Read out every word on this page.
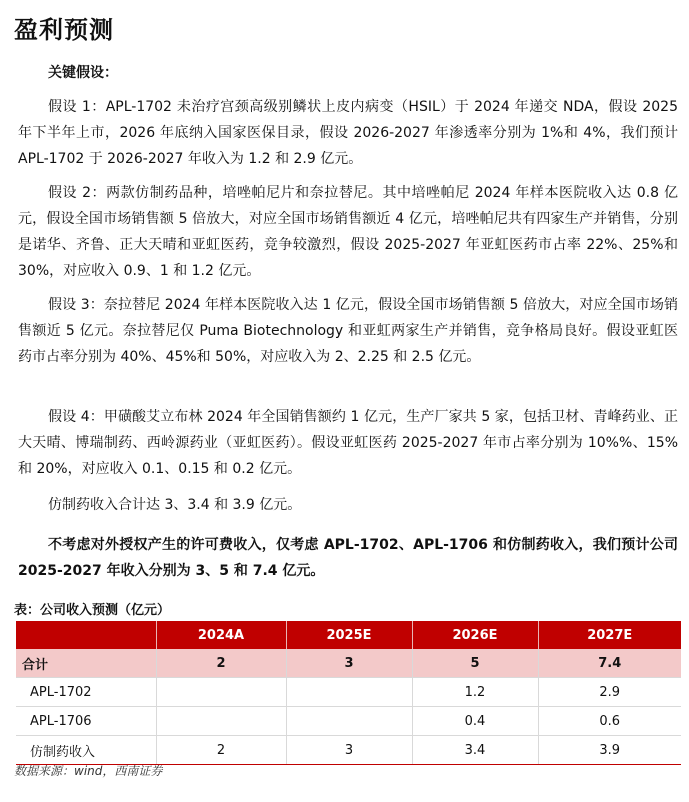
盈利预测
关键假设：
假设 1：APL-1702 未治疗宫颈高级别鳞状上皮内病变（HSIL）于 2024 年递交 NDA，假设 2025 年下半年上市，2026 年底纳入国家医保目录，假设 2026-2027 年渗透率分别为 1%和 4%，我们预计 APL-1702 于 2026-2027 年收入为 1.2 和 2.9 亿元。
假设 2：两款仿制药品种，培唑帕尼片和奈拉替尼。其中培唑帕尼 2024 年样本医院收入达 0.8 亿元，假设全国市场销售额 5 倍放大，对应全国市场销售额近 4 亿元，培唑帕尼共有四家生产并销售，分别是诺华、齐鲁、正大天晴和亚虹医药，竞争较激烈，假设 2025-2027 年亚虹医药市占率 22%、25%和 30%，对应收入 0.9、1 和 1.2 亿元。
假设 3：奈拉替尼 2024 年样本医院收入达 1 亿元，假设全国市场销售额 5 倍放大，对应全国市场销售额近 5 亿元。奈拉替尼仅 Puma Biotechnology 和亚虹两家生产并销售，竞争格局良好。假设亚虹医药市占率分别为 40%、45%和 50%，对应收入为 2、2.25 和 2.5 亿元。
假设 4：甲磺酸艾立布林 2024 年全国销售额约 1 亿元，生产厂家共 5 家，包括卫材、青峰药业、正大天晴、博瑞制药、西岭源药业（亚虹医药）。假设亚虹医药 2025-2027 年市占率分别为 10%%、15%和 20%，对应收入 0.1、0.15 和 0.2 亿元。
仿制药收入合计达 3、3.4 和 3.9 亿元。
不考虑对外授权产生的许可费收入，仅考虑 APL-1702、APL-1706 和仿制药收入，我们预计公司 2025-2027 年收入分别为 3、5 和 7.4 亿元。
表：公司收入预测（亿元）
	2024A	2025E	2026E	2027E
合计	2	3	5	7.4
APL-1702			1.2	2.9
APL-1706			0.4	0.6
仿制药收入	2	3	3.4	3.9
数据来源：wind，西南证券
